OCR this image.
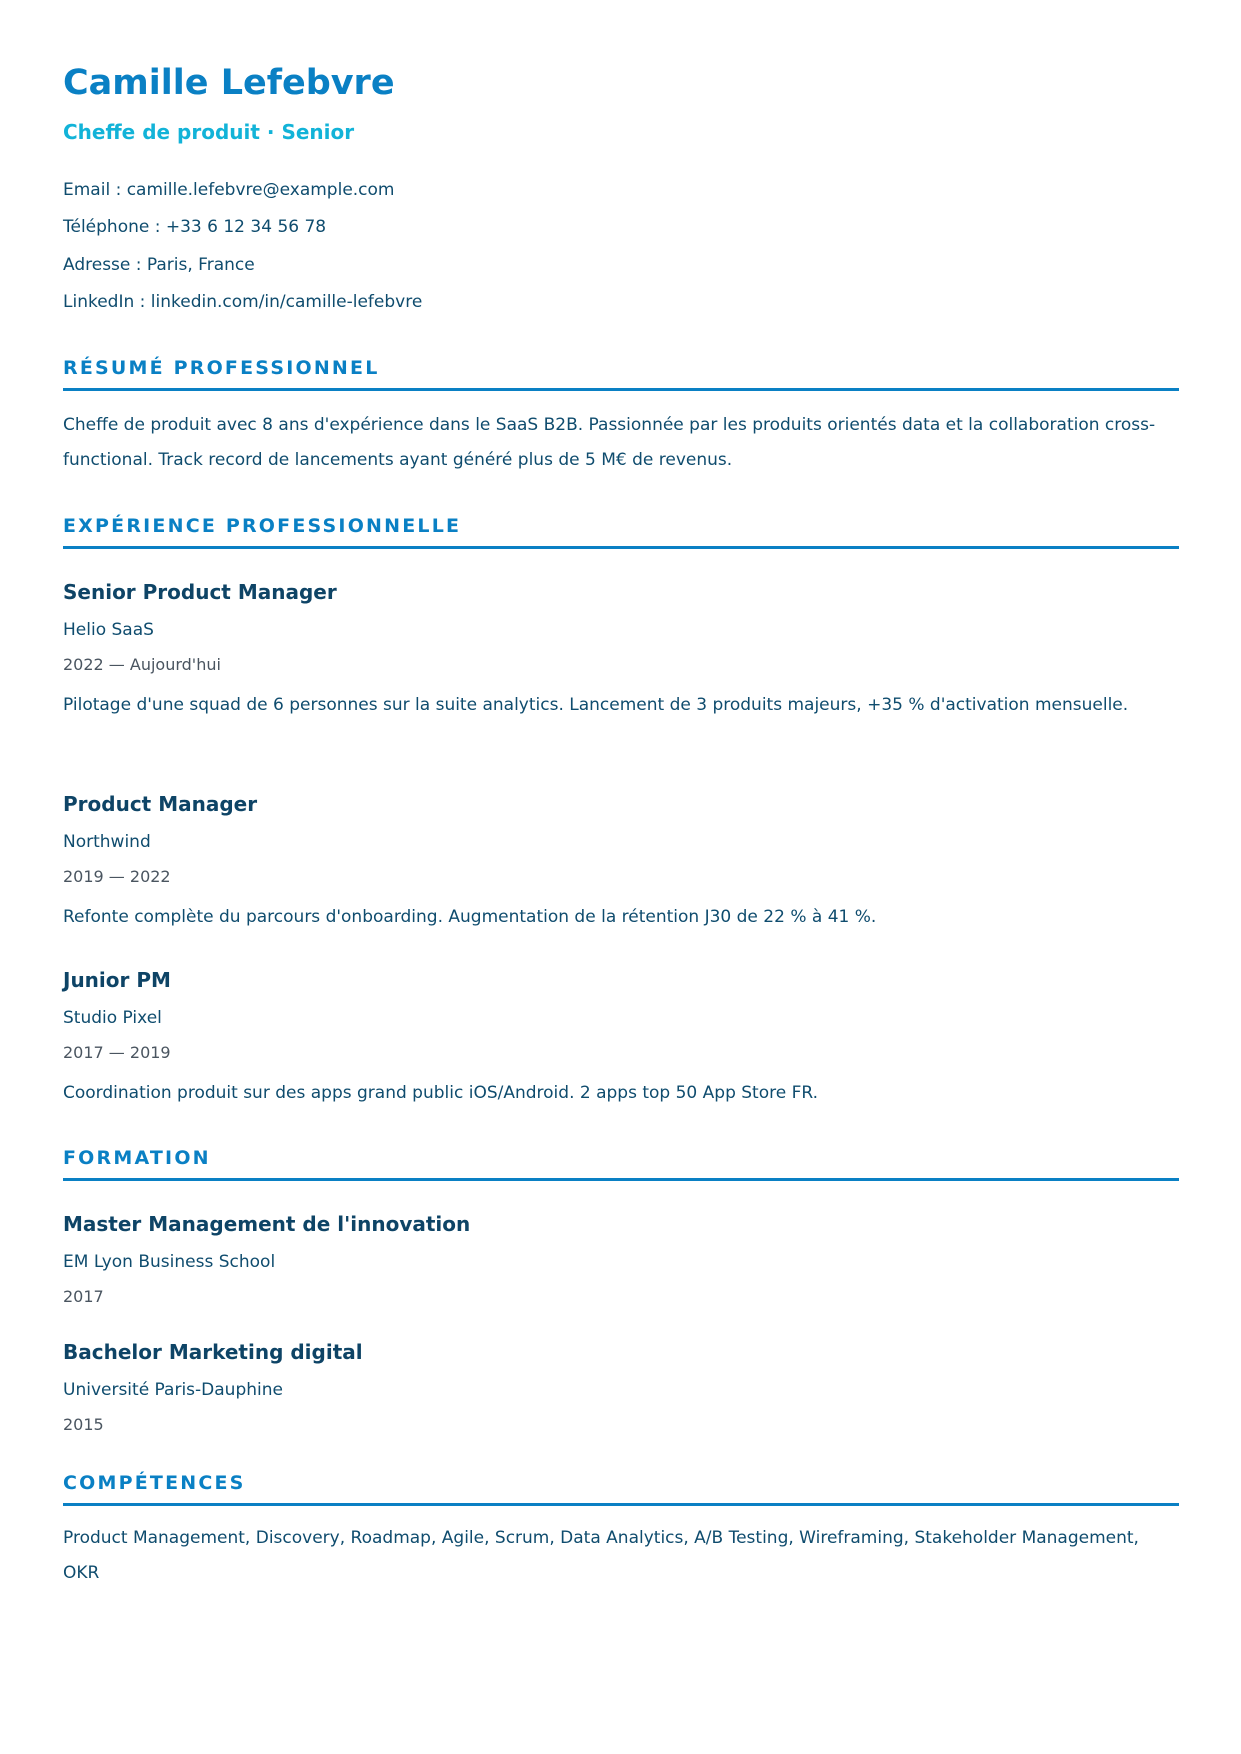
Camille Lefebvre
Cheffe de produit · Senior
Email : camille.lefebvre@example.com
Téléphone : +33 6 12 34 56 78
Adresse : Paris, France
LinkedIn : linkedin.com/in/camille-lefebvre
RÉSUMÉ PROFESSIONNEL
Cheffe de produit avec 8 ans d'expérience dans le SaaS B2B. Passionnée par les produits orientés data et la collaboration cross-functional. Track record de lancements ayant généré plus de 5 M€ de revenus.
EXPÉRIENCE PROFESSIONNELLE
Senior Product Manager
Helio SaaS
2022 — Aujourd'hui
Pilotage d'une squad de 6 personnes sur la suite analytics. Lancement de 3 produits majeurs, +35 % d'activation mensuelle.
Product Manager
Northwind
2019 — 2022
Refonte complète du parcours d'onboarding. Augmentation de la rétention J30 de 22 % à 41 %.
Junior PM
Studio Pixel
2017 — 2019
Coordination produit sur des apps grand public iOS/Android. 2 apps top 50 App Store FR.
FORMATION
Master Management de l'innovation
EM Lyon Business School
2017
Bachelor Marketing digital
Université Paris-Dauphine
2015
COMPÉTENCES
Product Management, Discovery, Roadmap, Agile, Scrum, Data Analytics, A/B Testing, Wireframing, Stakeholder Management, OKR
